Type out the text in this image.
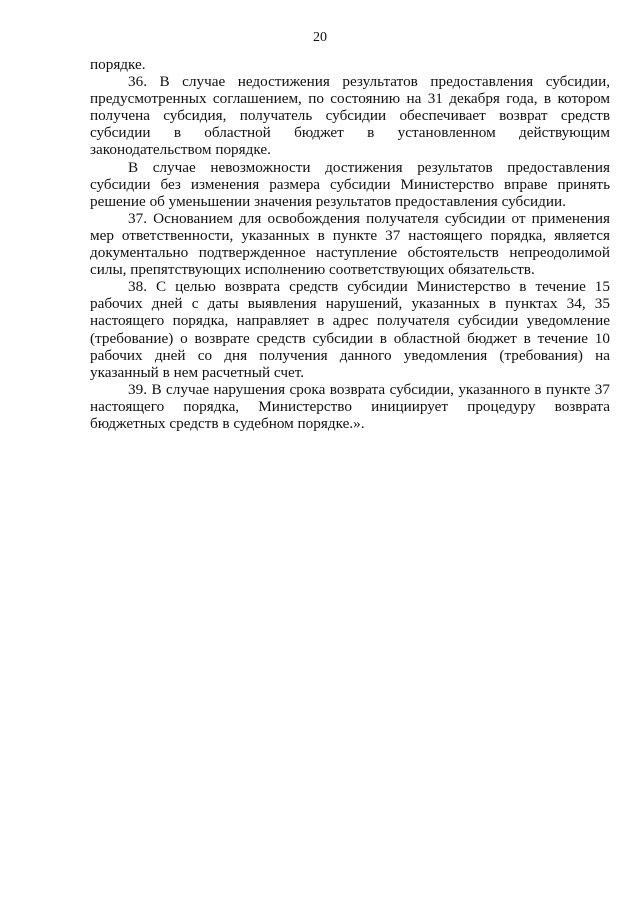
20

порядке.

36. В случае недостижения результатов предоставления субсидии, предусмотренных соглашением, по состоянию на 31 декабря года, в котором получена субсидия, получатель субсидии обеспечивает возврат средств субсидии в областной бюджет в установленном действующим законодательством порядке.

В случае невозможности достижения результатов предоставления субсидии без изменения размера субсидии Министерство вправе принять решение об уменьшении значения результатов предоставления субсидии.

37. Основанием для освобождения получателя субсидии от применения мер ответственности, указанных в пункте 37 настоящего порядка, является документально подтвержденное наступление обстоятельств непреодолимой силы, препятствующих исполнению соответствующих обязательств.

38. С целью возврата средств субсидии Министерство в течение 15 рабочих дней с даты выявления нарушений, указанных в пунктах 34, 35 настоящего порядка, направляет в адрес получателя субсидии уведомление (требование) о возврате средств субсидии в областной бюджет в течение 10 рабочих дней со дня получения данного уведомления (требования) на указанный в нем расчетный счет.

39. В случае нарушения срока возврата субсидии, указанного в пункте 37 настоящего порядка, Министерство инициирует процедуру возврата бюджетных средств в судебном порядке.».
